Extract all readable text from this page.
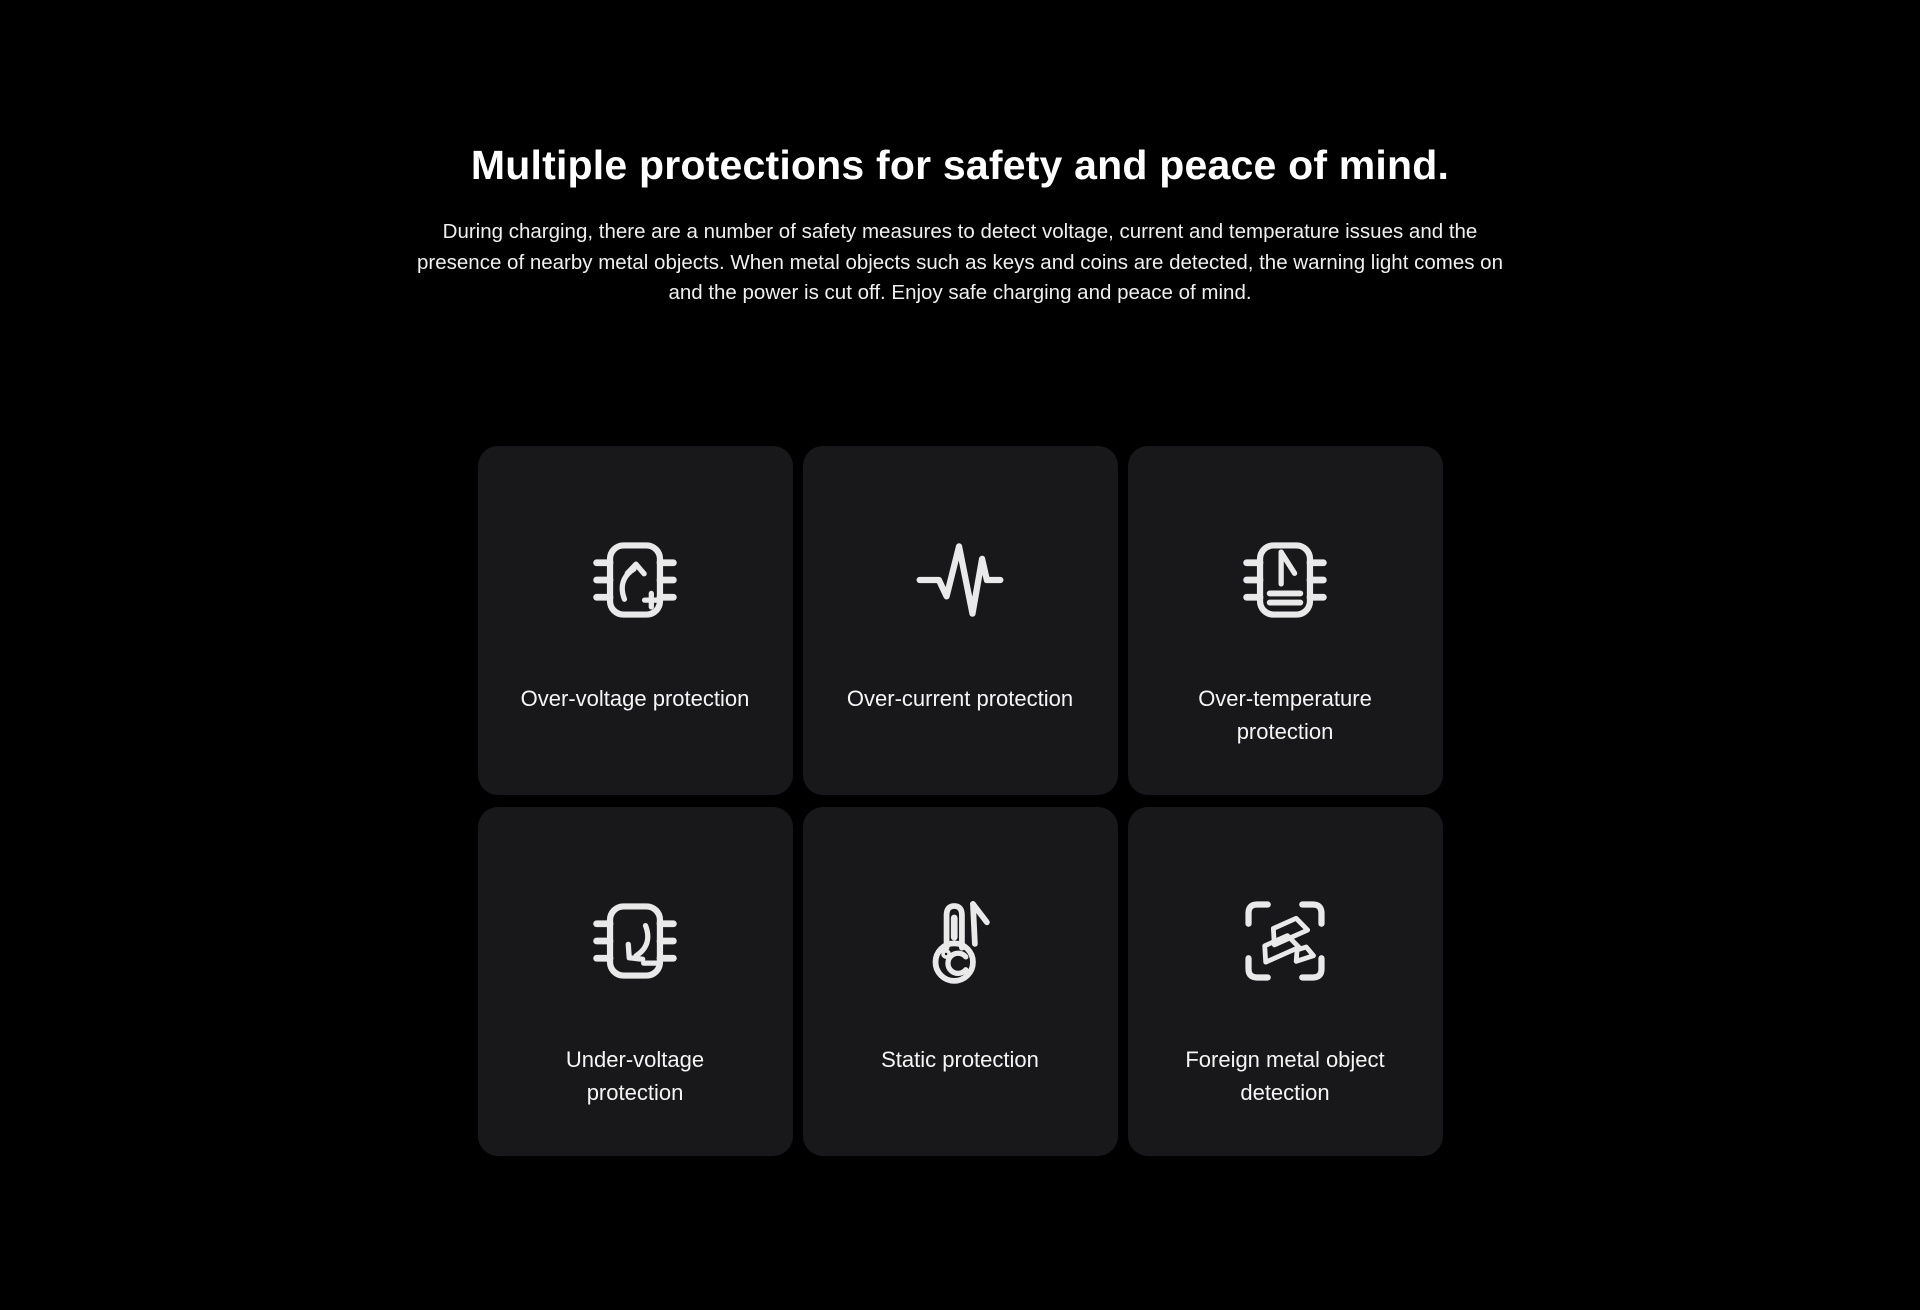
Multiple protections for safety and peace of mind.

During charging, there are a number of safety measures to detect voltage, current and temperature issues and the presence of nearby metal objects. When metal objects such as keys and coins are detected, the warning light comes on and the power is cut off. Enjoy safe charging and peace of mind.

Over-voltage protection	Over-current protection	Over-temperature protection
Under-voltage protection
Static protection	Foreign metal object detection
